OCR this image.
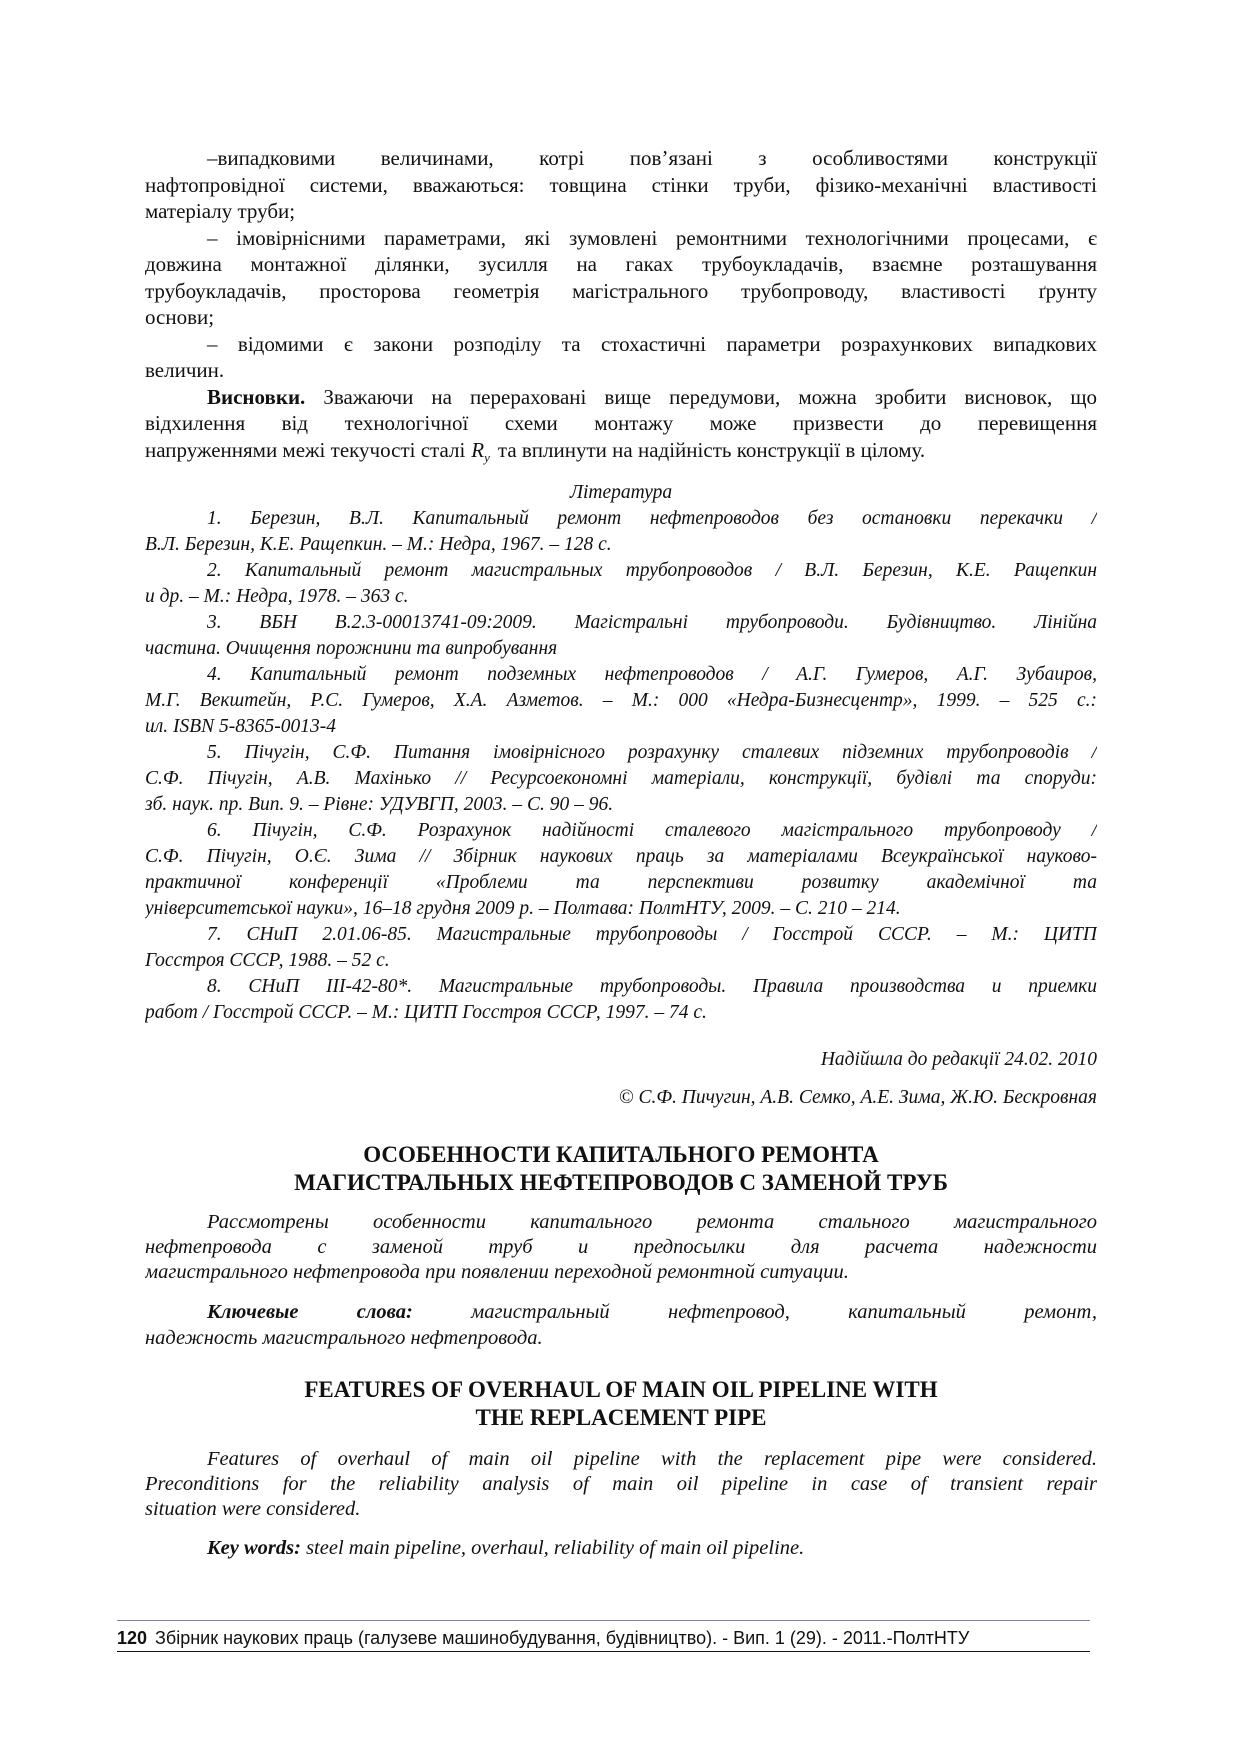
–випадковими величинами, котрі пов’язані з особливостями конструкції
нафтопровідної системи, вважаються: товщина стінки труби, фізико-механічні властивості
матеріалу труби;
– імовірнісними параметрами, які зумовлені ремонтними технологічними процесами, є
довжина монтажної ділянки, зусилля на гаках трубоукладачів, взаємне розташування
трубоукладачів, просторова геометрія магістрального трубопроводу, властивості ґрунту
основи;
– відомими є закони розподілу та стохастичні параметри розрахункових випадкових
величин.
Висновки. Зважаючи на перераховані вище передумови, можна зробити висновок, що
відхилення від технологічної схеми монтажу може призвести до перевищення
напруженнями межі текучості сталі $R_y$ та вплинути на надійність конструкції в цілому.
Література
1. Березин, В.Л. Капитальный ремонт нефтепроводов без остановки перекачки /
В.Л. Березин, К.Е. Ращепкин. – М.: Недра, 1967. – 128 с.
2. Капитальный ремонт магистральных трубопроводов / В.Л. Березин, К.Е. Ращепкин
и др. – М.: Недра, 1978. – 363 с.
3. ВБН В.2.3-00013741-09:2009. Магістральні трубопроводи. Будівництво. Лінійна
частина. Очищення порожнини та випробування
4. Капитальный ремонт подземных нефтепроводов / А.Г. Гумеров, А.Г. Зубаиров,
М.Г. Векштейн, Р.С. Гумеров, Х.А. Азметов. – М.: 000 «Недра-Бизнесцентр», 1999. – 525 с.:
ил. ISBN 5-8365-0013-4
5. Пічугін, С.Ф. Питання імовірнісного розрахунку сталевих підземних трубопроводів /
С.Ф. Пічугін, А.В. Махінько // Ресурсоекономні матеріали, конструкції, будівлі та споруди:
зб. наук. пр. Вип. 9. – Рівне: УДУВГП, 2003. – С. 90 – 96.
6. Пічугін, С.Ф. Розрахунок надійності сталевого магістрального трубопроводу /
С.Ф. Пічугін, О.Є. Зима // Збірник наукових праць за матеріалами Всеукраїнської науково-
практичної конференції «Проблеми та перспективи розвитку академічної та
університетської науки», 16–18 грудня 2009 р. – Полтава: ПолтНТУ, 2009. – С. 210 – 214.
7. СНиП 2.01.06-85. Магистральные трубопроводы / Госстрой СССР. – М.: ЦИТП
Госстроя СССР, 1988. – 52 с.
8. СНиП ІІІ-42-80*. Магистральные трубопроводы. Правила производства и приемки
работ / Госстрой СССР. – М.: ЦИТП Госстроя СССР, 1997. – 74 с.
Надійшла до редакції 24.02. 2010
© С.Ф. Пичугин, А.В. Семко, А.Е. Зима, Ж.Ю. Бескровная
ОСОБЕННОСТИ КАПИТАЛЬНОГО РЕМОНТА
МАГИСТРАЛЬНЫХ НЕФТЕПРОВОДОВ С ЗАМЕНОЙ ТРУБ
Рассмотрены особенности капитального ремонта стального магистрального
нефтепровода с заменой труб и предпосылки для расчета надежности
магистрального нефтепровода при появлении переходной ремонтной ситуации.
Ключевые слова: магистральный нефтепровод, капитальный ремонт,
надежность магистрального нефтепровода.
FEATURES OF OVERHAUL OF MAIN OIL PIPELINE WITH
THE REPLACEMENT PIPE
Features of overhaul of main oil pipeline with the replacement pipe were considered.
Preconditions for the reliability analysis of main oil pipeline in case of transient repair
situation were considered.
Key words: steel main pipeline, overhaul, reliability of main oil pipeline.
120 Збірник наукових праць (галузеве машинобудування, будівництво). - Вип. 1 (29). - 2011.-ПолтНТУ
